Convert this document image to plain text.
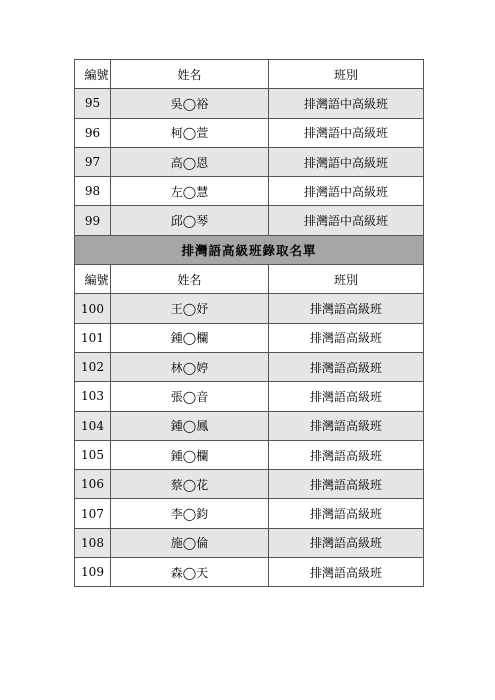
編號	姓名	班別
95	吳◯裕	排灣語中高級班
96	柯◯萱	排灣語中高級班
97	高◯恩	排灣語中高級班
98	左◯慧	排灣語中高級班
99	邱◯琴	排灣語中高級班
排灣語高級班錄取名單		
編號	姓名	班別
100	王◯妤	排灣語高級班
101	鍾◯欄	排灣語高級班
102	林◯婷	排灣語高級班
103	張◯音	排灣語高級班
104	鍾◯鳳	排灣語高級班
105	鍾◯欄	排灣語高級班
106	蔡◯花	排灣語高級班
107	李◯鈞	排灣語高級班
108	施◯倫	排灣語高級班
109	森◯天	排灣語高級班
